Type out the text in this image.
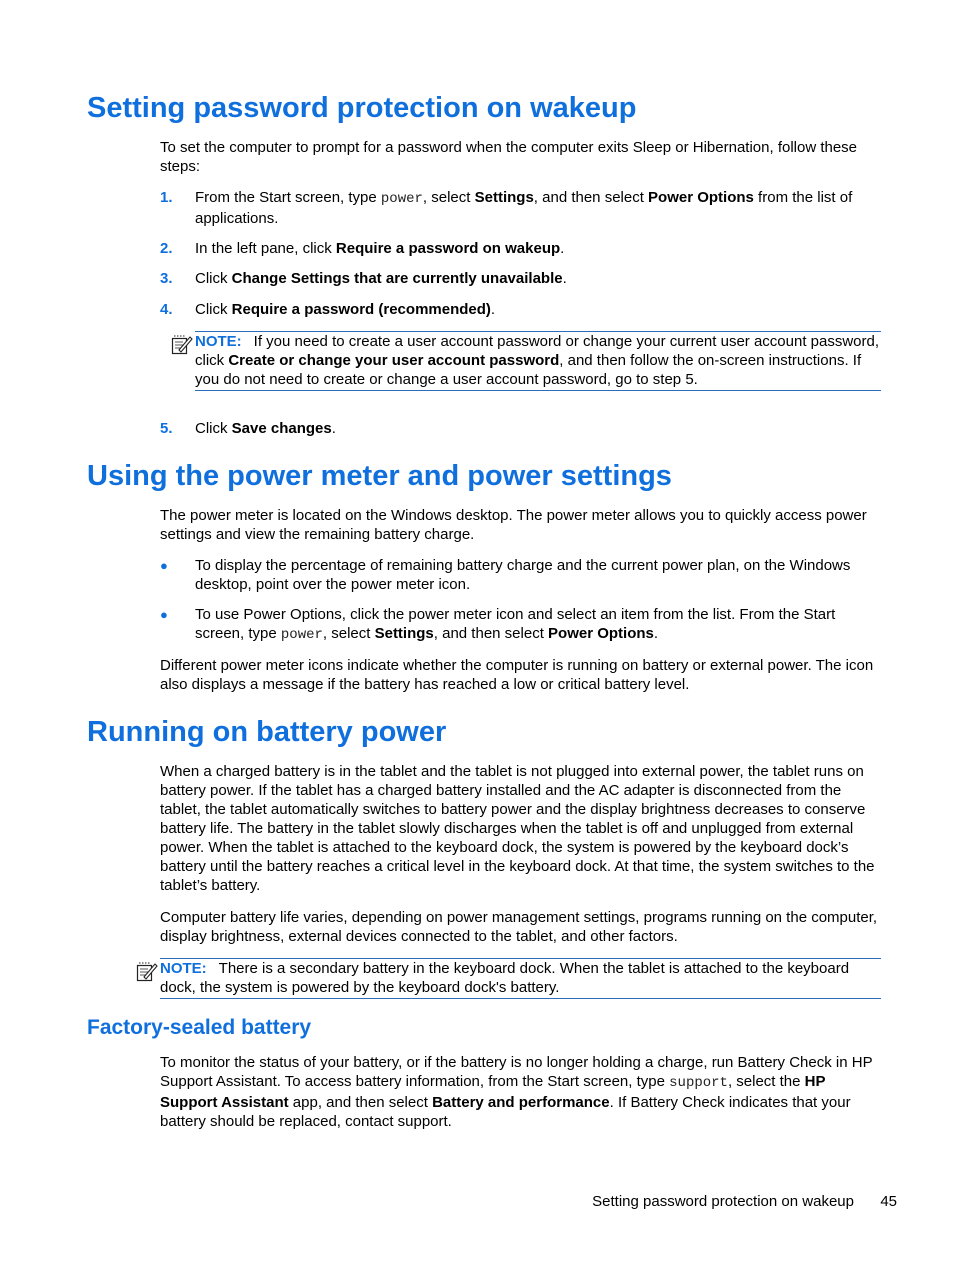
Setting password protection on wakeup

To set the computer to prompt for a password when the computer exits Sleep or Hibernation, follow these steps:

1. From the Start screen, type power, select Settings, and then select Power Options from the list of applications.

2. In the left pane, click Require a password on wakeup.

3. Click Change Settings that are currently unavailable.

4. Click Require a password (recommended).

NOTE: If you need to create a user account password or change your current user account password, click Create or change your user account password, and then follow the on-screen instructions. If you do not need to create or change a user account password, go to step 5.

5. Click Save changes.

Using the power meter and power settings

The power meter is located on the Windows desktop. The power meter allows you to quickly access power settings and view the remaining battery charge.

● To display the percentage of remaining battery charge and the current power plan, on the Windows desktop, point over the power meter icon.

● To use Power Options, click the power meter icon and select an item from the list. From the Start screen, type power, select Settings, and then select Power Options.

Different power meter icons indicate whether the computer is running on battery or external power. The icon also displays a message if the battery has reached a low or critical battery level.

Running on battery power

When a charged battery is in the tablet and the tablet is not plugged into external power, the tablet runs on battery power. If the tablet has a charged battery installed and the AC adapter is disconnected from the tablet, the tablet automatically switches to battery power and the display brightness decreases to conserve battery life. The battery in the tablet slowly discharges when the tablet is off and unplugged from external power. When the tablet is attached to the keyboard dock, the system is powered by the keyboard dock’s battery until the battery reaches a critical level in the keyboard dock. At that time, the system switches to the tablet’s battery.

Computer battery life varies, depending on power management settings, programs running on the computer, display brightness, external devices connected to the tablet, and other factors.

NOTE: There is a secondary battery in the keyboard dock. When the tablet is attached to the keyboard dock, the system is powered by the keyboard dock's battery.

Factory-sealed battery

To monitor the status of your battery, or if the battery is no longer holding a charge, run Battery Check in HP Support Assistant. To access battery information, from the Start screen, type support, select the HP Support Assistant app, and then select Battery and performance. If Battery Check indicates that your battery should be replaced, contact support.

Setting password protection on wakeup 45
